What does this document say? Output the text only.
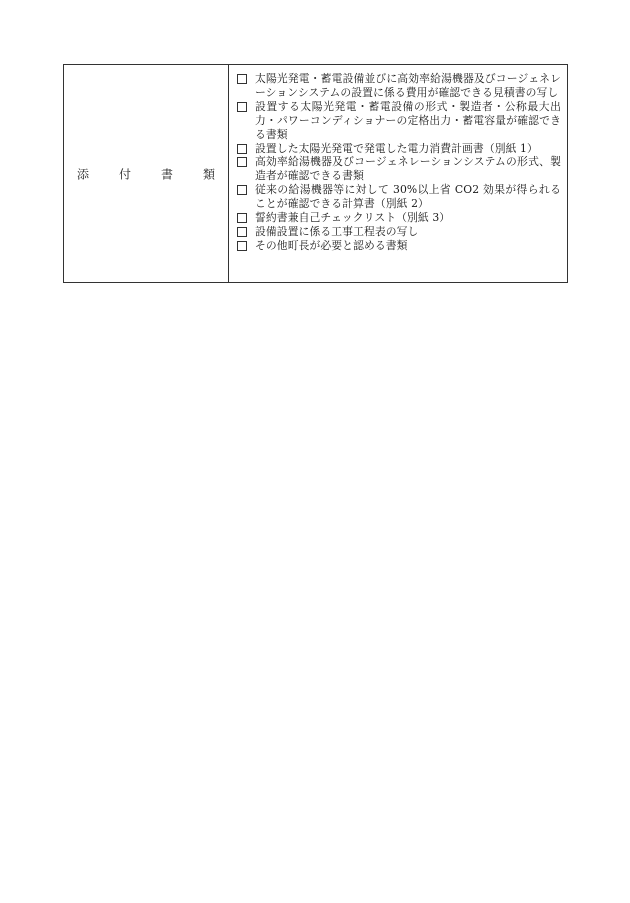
添 付 書 類
太陽光発電・蓄電設備並びに高効率給湯機器及びコージェネレーションシステムの設置に係る費用が確認できる見積書の写し
設置する太陽光発電・蓄電設備の形式・製造者・公称最大出力・パワーコンディショナーの定格出力・蓄電容量が確認できる書類
設置した太陽光発電で発電した電力消費計画書（別紙 1）
高効率給湯機器及びコージェネレーションシステムの形式、製造者が確認できる書類
従来の給湯機器等に対して 30%以上省 CO2 効果が得られることが確認できる計算書（別紙 2）
誓約書兼自己チェックリスト（別紙 3）
設備設置に係る工事工程表の写し
その他町長が必要と認める書類
